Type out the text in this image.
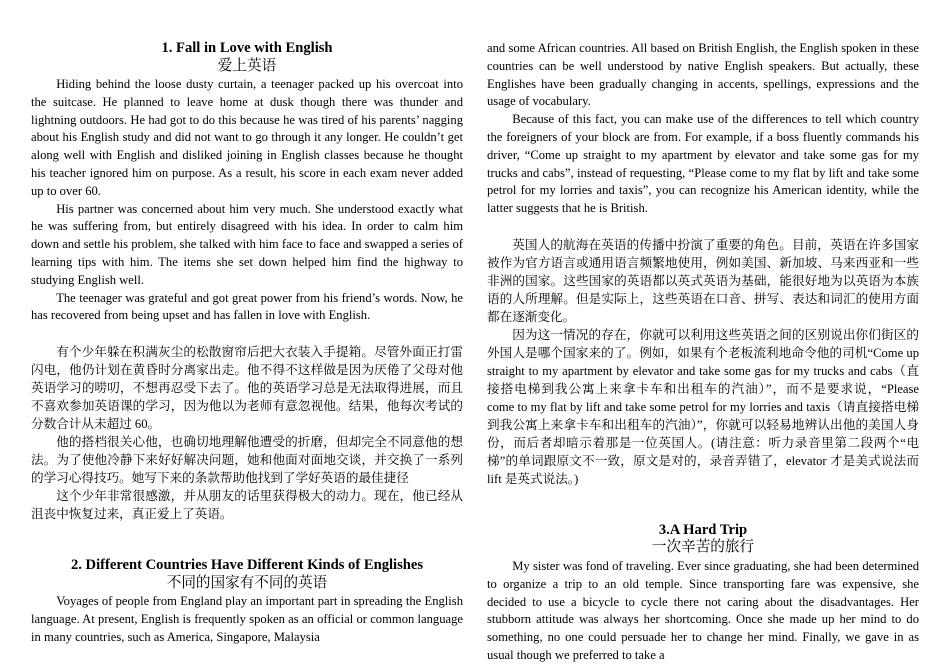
1. Fall in Love with English
爱上英语

Hiding behind the loose dusty curtain, a teenager packed up his overcoat into the suitcase. He planned to leave home at dusk though there was thunder and lightning outdoors. He had got to do this because he was tired of his parents’ nagging about his English study and did not want to go through it any longer. He couldn’t get along well with English and disliked joining in English classes because he thought his teacher ignored him on purpose. As a result, his score in each exam never added up to over 60.

His partner was concerned about him very much. She understood exactly what he was suffering from, but entirely disagreed with his idea. In order to calm him down and settle his problem, she talked with him face to face and swapped a series of learning tips with him. The items she set down helped him find the highway to studying English well.

The teenager was grateful and got great power from his friend’s words. Now, he has recovered from being upset and has fallen in love with English.

有个少年躲在积满灰尘的松散窗帘后把大衣装入手提箱。尽管外面正打雷闪电，他仍计划在黄昏时分离家出走。他不得不这样做是因为厌倦了父母对他英语学习的唠叨，不想再忍受下去了。他的英语学习总是无法取得进展，而且不喜欢参加英语课的学习，因为他以为老师有意忽视他。结果，他每次考试的分数合计从未超过 60。

他的搭档很关心他，也确切地理解他遭受的折磨，但却完全不同意他的想法。为了使他冷静下来好好解决问题，她和他面对面地交谈，并交换了一系列的学习心得技巧。她写下来的条款帮助他找到了学好英语的最佳捷径

这个少年非常很感激，并从朋友的话里获得极大的动力。现在，他已经从沮丧中恢复过来，真正爱上了英语。

2. Different Countries Have Different Kinds of Englishes
不同的国家有不同的英语

Voyages of people from England play an important part in spreading the English language. At present, English is frequently spoken as an official or common language in many countries, such as America, Singapore, Malaysia

and some African countries. All based on British English, the English spoken in these countries can be well understood by native English speakers. But actually, these Englishes have been gradually changing in accents, spellings, expressions and the usage of vocabulary.

Because of this fact, you can make use of the differences to tell which country the foreigners of your block are from. For example, if a boss fluently commands his driver, “Come up straight to my apartment by elevator and take some gas for my trucks and cabs”, instead of requesting, “Please come to my flat by lift and take some petrol for my lorries and taxis”, you can recognize his American identity, while the latter suggests that he is British.

英国人的航海在英语的传播中扮演了重要的角色。目前，英语在许多国家被作为官方语言或通用语言频繁地使用，例如美国、新加坡、马来西亚和一些非洲的国家。这些国家的英语都以英式英语为基础，能很好地为以英语为本族语的人所理解。但是实际上，这些英语在口音、拼写、表达和词汇的使用方面都在逐渐变化。

因为这一情况的存在，你就可以利用这些英语之间的区别说出你们街区的外国人是哪个国家来的了。例如，如果有个老板流利地命令他的司机“Come up straight to my apartment by elevator and take some gas for my trucks and cabs（直接搭电梯到我公寓上来拿卡车和出租车的汽油）”，而不是要求说，“Please come to my flat by lift and take some petrol for my lorries and taxis（请直接搭电梯到我公寓上来拿卡车和出租车的汽油）”，你就可以轻易地辨认出他的美国人身份，而后者却暗示着那是一位英国人。(请注意：听力录音里第二段两个“电梯”的单词跟原文不一致，原文是对的，录音弄错了，elevator 才是美式说法而 lift 是英式说法。)

3.A Hard Trip
一次辛苦的旅行

My sister was fond of traveling. Ever since graduating, she had been determined to organize a trip to an old temple. Since transporting fare was expensive, she decided to use a bicycle to cycle there not caring about the disadvantages. Her stubborn attitude was always her shortcoming. Once she made up her mind to do something, no one could persuade her to change her mind. Finally, we gave in as usual though we preferred to take a
